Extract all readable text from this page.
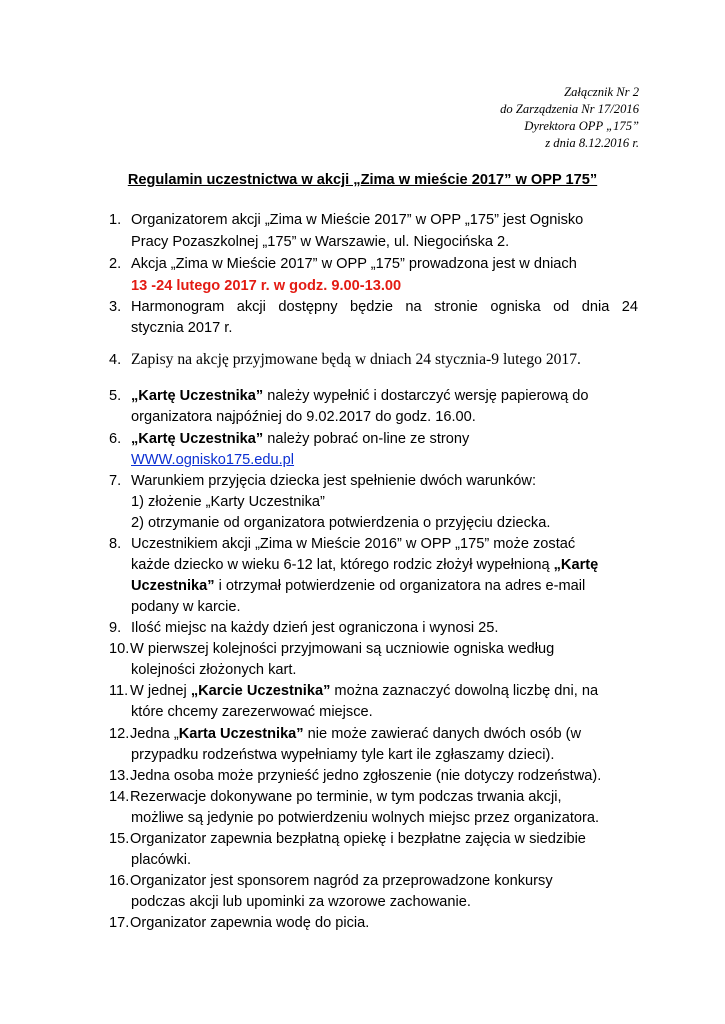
Załącznik Nr 2
do Zarządzenia Nr 17/2016
Dyrektora OPP „175”
z dnia 8.12.2016 r.
Regulamin uczestnictwa w akcji „Zima w mieście 2017” w OPP 175”
1. Organizatorem akcji „Zima w Mieście 2017” w OPP „175” jest Ognisko
Pracy Pozaszkolnej „175” w Warszawie, ul. Niegocińska 2.
2. Akcja „Zima w Mieście 2017” w OPP „175” prowadzona jest w dniach
13 -24 lutego 2017 r. w godz. 9.00-13.00
3. Harmonogram akcji dostępny będzie na stronie ogniska od dnia 24
stycznia 2017 r.
4. Zapisy na akcję przyjmowane będą w dniach 24 stycznia-9 lutego 2017.
5. „Kartę Uczestnika” należy wypełnić i dostarczyć wersję papierową do
organizatora najpóźniej do 9.02.2017 do godz. 16.00.
6. „Kartę Uczestnika” należy pobrać on-line ze strony
WWW.ognisko175.edu.pl
7. Warunkiem przyjęcia dziecka jest spełnienie dwóch warunków:
1) złożenie „Karty Uczestnika”
2) otrzymanie od organizatora potwierdzenia o przyjęciu dziecka.
8. Uczestnikiem akcji „Zima w Mieście 2016” w OPP „175” może zostać
każde dziecko w wieku 6-12 lat, którego rodzic złożył wypełnioną „Kartę
Uczestnika” i otrzymał potwierdzenie od organizatora na adres e-mail
podany w karcie.
9. Ilość miejsc na każdy dzień jest ograniczona i wynosi 25.
10. W pierwszej kolejności przyjmowani są uczniowie ogniska według
kolejności złożonych kart.
11. W jednej „Karcie Uczestnika” można zaznaczyć dowolną liczbę dni, na
które chcemy zarezerwować miejsce.
12. Jedna „Karta Uczestnika” nie może zawierać danych dwóch osób (w
przypadku rodzeństwa wypełniamy tyle kart ile zgłaszamy dzieci).
13. Jedna osoba może przynieść jedno zgłoszenie (nie dotyczy rodzeństwa).
14. Rezerwacje dokonywane po terminie, w tym podczas trwania akcji,
możliwe są jedynie po potwierdzeniu wolnych miejsc przez organizatora.
15. Organizator zapewnia bezpłatną opiekę i bezpłatne zajęcia w siedzibie
placówki.
16. Organizator jest sponsorem nagród za przeprowadzone konkursy
podczas akcji lub upominki za wzorowe zachowanie.
17. Organizator zapewnia wodę do picia.
